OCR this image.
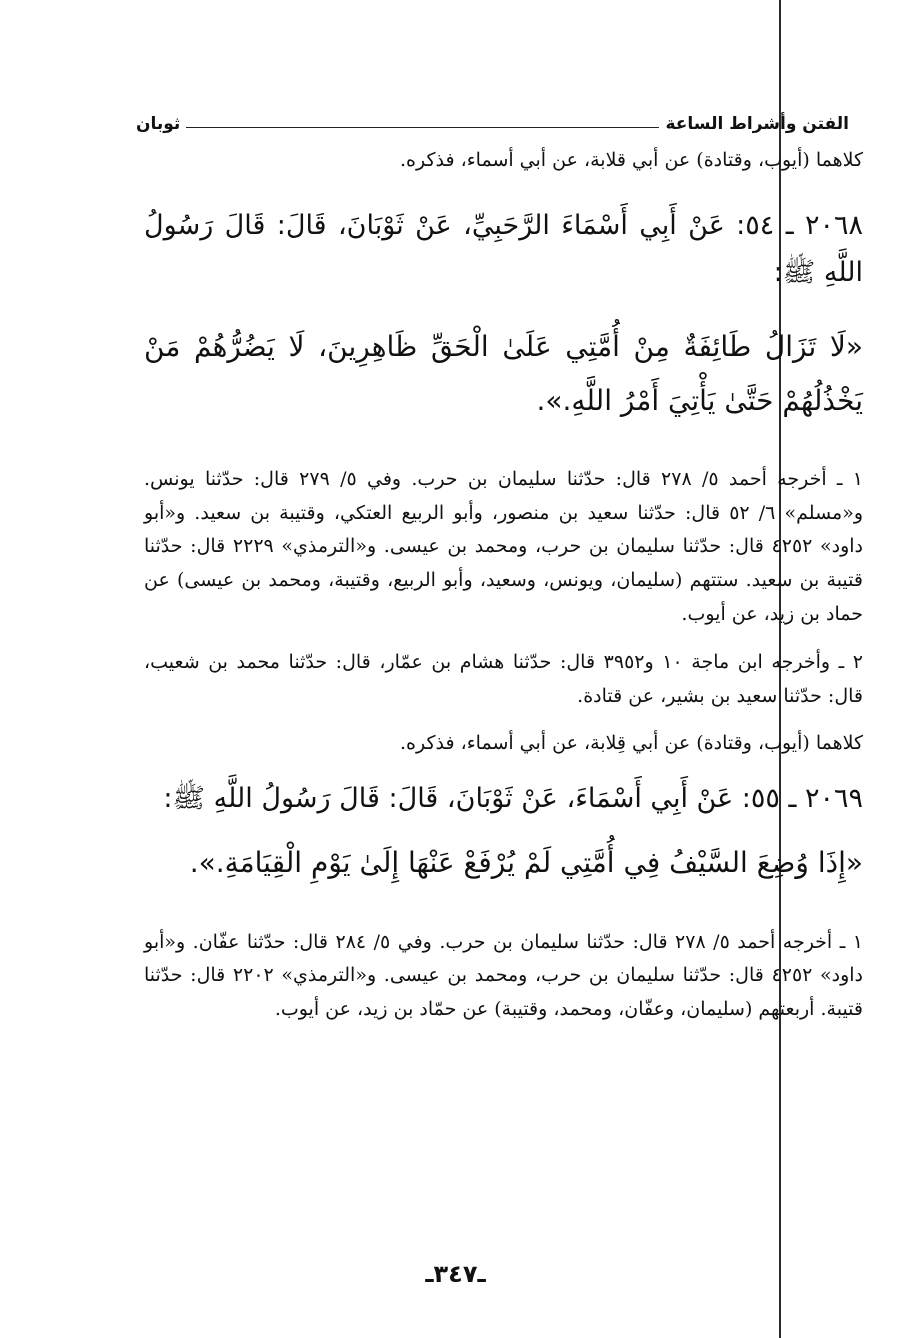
الفتن وأشراط الساعة
ثوبان

كلاهما (أيوب، وقتادة) عن أبي قلابة، عن أبي أسماء، فذكره.

٢٠٦٨ ـ ٥٤: عَنْ أَبِي أَسْمَاءَ الرَّحَبِيِّ، عَنْ ثَوْبَانَ، قَالَ: قَالَ رَسُولُ اللَّهِ ﷺ:

«لَا تَزَالُ طَائِفَةٌ مِنْ أُمَّتِي عَلَىٰ الْحَقِّ ظَاهِرِينَ، لَا يَضُرُّهُمْ مَنْ يَخْذُلُهُمْ حَتَّىٰ يَأْتِيَ أَمْرُ اللَّهِ.».

١ ـ أخرجه أحمد ٥/ ٢٧٨ قال: حدّثنا سليمان بن حرب. وفي ٥/ ٢٧٩ قال: حدّثنا يونس. و«مسلم» ٦/ ٥٢ قال: حدّثنا سعيد بن منصور، وأبو الربيع العتكي، وقتيبة بن سعيد. و«أبو داود» ٤٢٥٢ قال: حدّثنا سليمان بن حرب، ومحمد بن عيسى. و«الترمذي» ٢٢٢٩ قال: حدّثنا قتيبة بن سعيد. ستتهم (سليمان، ويونس، وسعيد، وأبو الربيع، وقتيبة، ومحمد بن عيسى) عن حماد بن زيد، عن أيوب.

٢ ـ وأخرجه ابن ماجة ١٠ و٣٩٥٢ قال: حدّثنا هشام بن عمّار، قال: حدّثنا محمد بن شعيب، قال: حدّثنا سعيد بن بشير، عن قتادة.

كلاهما (أيوب، وقتادة) عن أبي قِلابة، عن أبي أسماء، فذكره.

٢٠٦٩ ـ ٥٥: عَنْ أَبِي أَسْمَاءَ، عَنْ ثَوْبَانَ، قَالَ: قَالَ رَسُولُ اللَّهِ ﷺ:

«إِذَا وُضِعَ السَّيْفُ فِي أُمَّتِي لَمْ يُرْفَعْ عَنْهَا إِلَىٰ يَوْمِ الْقِيَامَةِ.».

١ ـ أخرجه أحمد ٥/ ٢٧٨ قال: حدّثنا سليمان بن حرب. وفي ٥/ ٢٨٤ قال: حدّثنا عفّان. و«أبو داود» ٤٢٥٢ قال: حدّثنا سليمان بن حرب، ومحمد بن عيسى. و«الترمذي» ٢٢٠٢ قال: حدّثنا قتيبة. أربعتهم (سليمان، وعفّان، ومحمد، وقتيبة) عن حمّاد بن زيد، عن أيوب.

ـ٣٤٧ـ
